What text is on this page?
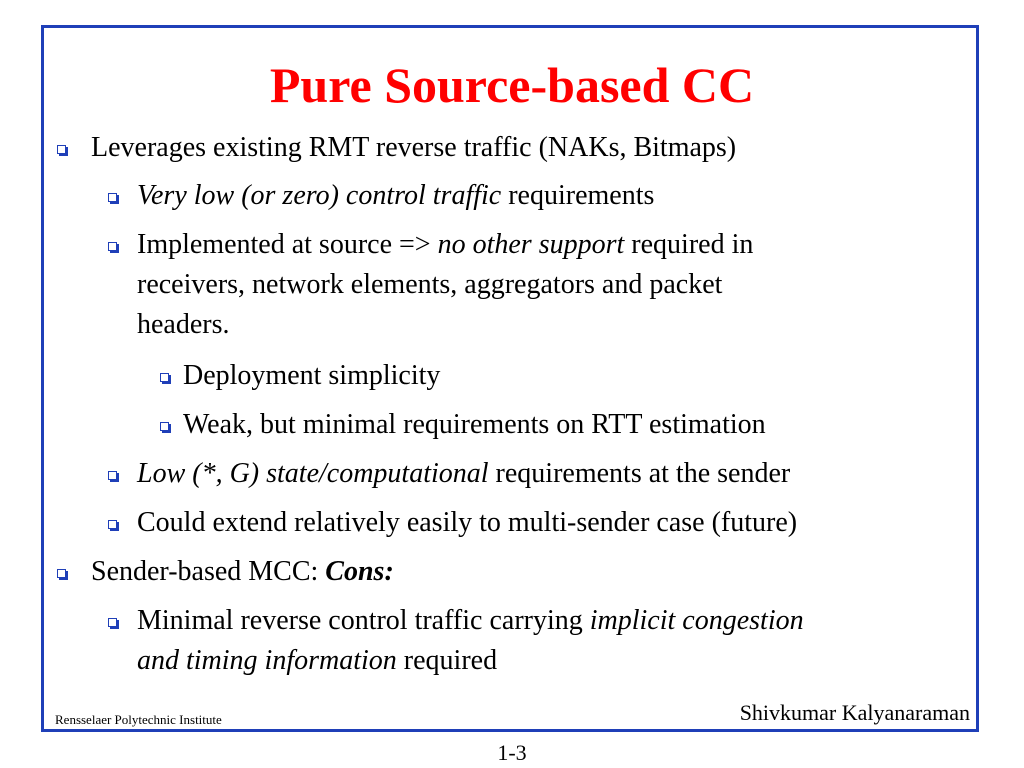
Pure Source-based CC
Leverages existing RMT reverse traffic (NAKs, Bitmaps)
Very low (or zero) control traffic requirements
Implemented at source => no other support required in
receivers, network elements, aggregators and packet
headers.
Deployment simplicity
Weak, but minimal requirements on RTT estimation
Low (*, G) state/computational requirements at the sender
Could extend relatively easily to multi-sender case (future)
Sender-based MCC: Cons:
Minimal reverse control traffic carrying implicit congestion
and timing information required
Rensselaer Polytechnic Institute	Shivkumar Kalyanaraman
1-3
